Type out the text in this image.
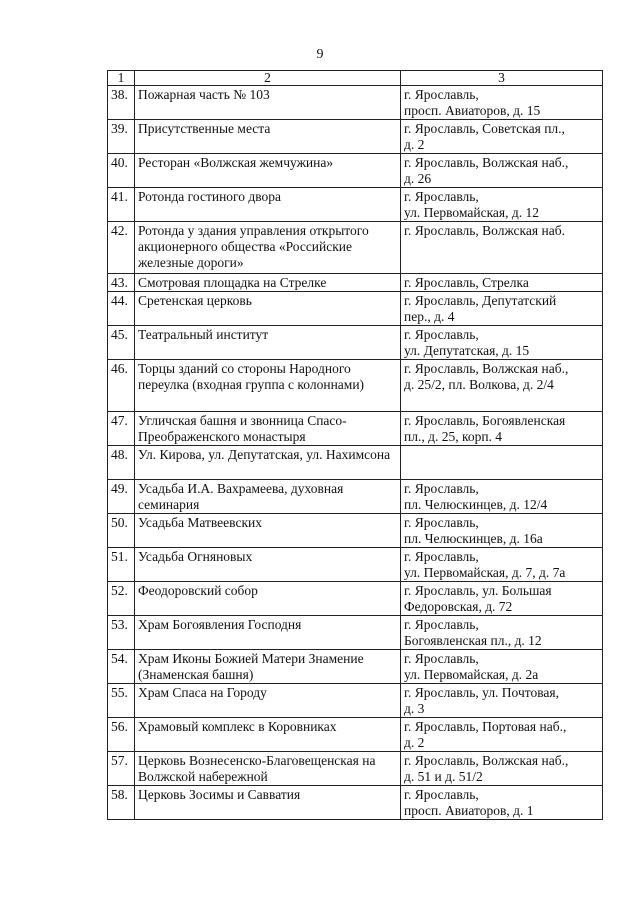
9
1	2	3
38.	Пожарная часть № 103	г. Ярославль,
просп. Авиаторов, д. 15

39.	Присутственные места	г. Ярославль, Советская пл.,
д. 2

40.	Ресторан «Волжская жемчужина»	г. Ярославль, Волжская наб.,
д. 26

41.	Ротонда гостиного двора	г. Ярославль,
ул. Первомайская, д. 12

42.	Ротонда у здания управления открытого акционерного общества «Российские железные дороги»	г. Ярославль, Волжская наб.

43.	Смотровая площадка на Стрелке	г. Ярославль, Стрелка

44.	Сретенская церковь	г. Ярославль, Депутатский
пер., д. 4

45.	Театральный институт	г. Ярославль,
ул. Депутатская, д. 15

46.	Торцы зданий со стороны Народного переулка (входная группа с колоннами)	г. Ярославль, Волжская наб.,
д. 25/2, пл. Волкова, д. 2/4

47.	Угличская башня и звонница Спасо-Преображенского монастыря	г. Ярославль, Богоявленская
пл., д. 25, корп. 4

48.	Ул. Кирова, ул. Депутатская, ул. Нахимсона	
49.	Усадьба И.А. Вахрамеева, духовная семинария	г. Ярославль,
пл. Челюскинцев, д. 12/4

50.	Усадьба Матвеевских	г. Ярославль,
пл. Челюскинцев, д. 16а

51.	Усадьба Огняновых	г. Ярославль,
ул. Первомайская, д. 7, д. 7а

52.	Феодоровский собор	г. Ярославль, ул. Большая
Федоровская, д. 72

53.	Храм Богоявления Господня	г. Ярославль,
Богоявленская пл., д. 12

54.	Храм Иконы Божией Матери Знамение (Знаменская башня)	г. Ярославль,
ул. Первомайская, д. 2а

55.	Храм Спаса на Городу	г. Ярославль, ул. Почтовая,
д. 3

56.	Храмовый комплекс в Коровниках	г. Ярославль, Портовая наб.,
д. 2

57.	Церковь Вознесенско-Благовещенская на Волжской набережной	г. Ярославль, Волжская наб.,
д. 51 и д. 51/2

58.	Церковь Зосимы и Савватия	г. Ярославль,
просп. Авиаторов, д. 1
